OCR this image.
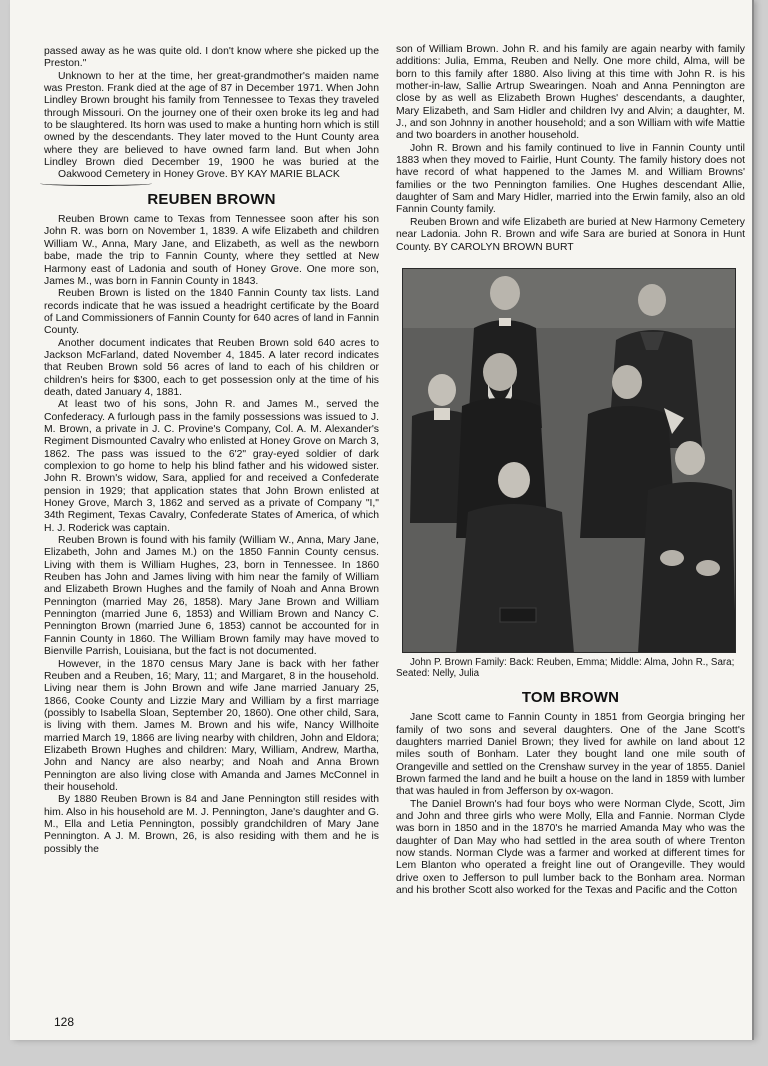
passed away as he was quite old. I don't know where she picked up the Preston."

Unknown to her at the time, her great-grandmother's maiden name was Preston. Frank died at the age of 87 in December 1971. When John Lindley Brown brought his family from Tennessee to Texas they traveled through Missouri. On the journey one of their oxen broke its leg and had to be slaughtered. Its horn was used to make a hunting horn which is still owned by the descendants. They later moved to the Hunt County area where they are believed to have owned farm land. But when John Lindley Brown died December 19, 1900 he was buried at the Oakwood Cemetery in Honey Grove. BY KAY MARIE BLACK

REUBEN BROWN

Reuben Brown came to Texas from Tennessee soon after his son John R. was born on November 1, 1839. A wife Elizabeth and children William W., Anna, Mary Jane, and Elizabeth, as well as the newborn babe, made the trip to Fannin County, where they settled at New Harmony east of Ladonia and south of Honey Grove. One more son, James M., was born in Fannin County in 1843.

Reuben Brown is listed on the 1840 Fannin County tax lists. Land records indicate that he was issued a headright certificate by the Board of Land Commissioners of Fannin County for 640 acres of land in Fannin County.

Another document indicates that Reuben Brown sold 640 acres to Jackson McFarland, dated November 4, 1845. A later record indicates that Reuben Brown sold 56 acres of land to each of his children or children's heirs for $300, each to get possession only at the time of his death, dated January 4, 1881.

At least two of his sons, John R. and James M., served the Confederacy. A furlough pass in the family possessions was issued to J. M. Brown, a private in J. C. Provine's Company, Col. A. M. Alexander's Regiment Dismounted Cavalry who enlisted at Honey Grove on March 3, 1862. The pass was issued to the 6'2" gray-eyed soldier of dark complexion to go home to help his blind father and his widowed sister. John R. Brown's widow, Sara, applied for and received a Confederate pension in 1929; that application states that John Brown enlisted at Honey Grove, March 3, 1862 and served as a private of Company "I," 34th Regiment, Texas Cavalry, Confederate States of America, of which H. J. Roderick was captain.

Reuben Brown is found with his family (William W., Anna, Mary Jane, Elizabeth, John and James M.) on the 1850 Fannin County census. Living with them is William Hughes, 23, born in Tennessee. In 1860 Reuben has John and James living with him near the family of William and Elizabeth Brown Hughes and the family of Noah and Anna Brown Pennington (married May 26, 1858). Mary Jane Brown and William Pennington (married June 6, 1853) and William Brown and Nancy C. Pennington Brown (married June 6, 1853) cannot be accounted for in Fannin County in 1860. The William Brown family may have moved to Bienville Parrish, Louisiana, but the fact is not documented.

However, in the 1870 census Mary Jane is back with her father Reuben and a Reuben, 16; Mary, 11; and Margaret, 8 in the household. Living near them is John Brown and wife Jane married January 25, 1866, Cooke County and Lizzie Mary and William by a first marriage (possibly to Isabella Sloan, September 20, 1860). One other child, Sara, is living with them. James M. Brown and his wife, Nancy Willhoite married March 19, 1866 are living nearby with children, John and Eldora; Elizabeth Brown Hughes and children: Mary, William, Andrew, Martha, John and Nancy are also nearby; and Noah and Anna Brown Pennington are also living close with Amanda and James McConnel in their household.

By 1880 Reuben Brown is 84 and Jane Pennington still resides with him. Also in his household are M. J. Pennington, Jane's daughter and G. M., Ella and Letia Pennington, possibly grandchildren of Mary Jane Pennington. A J. M. Brown, 26, is also residing with them and he is possibly the

son of William Brown. John R. and his family are again nearby with family additions: Julia, Emma, Reuben and Nelly. One more child, Alma, will be born to this family after 1880. Also living at this time with John R. is his mother-in-law, Sallie Artrup Swearingen. Noah and Anna Pennington are close by as well as Elizabeth Brown Hughes' descendants, a daughter, Mary Elizabeth, and Sam Hidler and children Ivy and Alvin; a daughter, M. J., and son Johnny in another household; and a son William with wife Mattie and two boarders in another household.

John R. Brown and his family continued to live in Fannin County until 1883 when they moved to Fairlie, Hunt County. The family history does not have record of what happened to the James M. and William Browns' families or the two Pennington families. One Hughes descendant Allie, daughter of Sam and Mary Hidler, married into the Erwin family, also an old Fannin County family.

Reuben Brown and wife Elizabeth are buried at New Harmony Cemetery near Ladonia. John R. Brown and wife Sara are buried at Sonora in Hunt County. BY CAROLYN BROWN BURT

John P. Brown Family: Back: Reuben, Emma; Middle: Alma, John R., Sara; Seated: Nelly, Julia

TOM BROWN

Jane Scott came to Fannin County in 1851 from Georgia bringing her family of two sons and several daughters. One of the Jane Scott's daughters married Daniel Brown; they lived for awhile on land about 12 miles south of Bonham. Later they bought land one mile south of Orangeville and settled on the Crenshaw survey in the year of 1855. Daniel Brown farmed the land and he built a house on the land in 1859 with lumber that was hauled in from Jefferson by ox-wagon.

The Daniel Brown's had four boys who were Norman Clyde, Scott, Jim and John and three girls who were Molly, Ella and Fannie. Norman Clyde was born in 1850 and in the 1870's he married Amanda May who was the daughter of Dan May who had settled in the area south of where Trenton now stands. Norman Clyde was a farmer and worked at different times for Lem Blanton who operated a freight line out of Orangeville. They would drive oxen to Jefferson to pull lumber back to the Bonham area. Norman and his brother Scott also worked for the Texas and Pacific and the Cotton

128
